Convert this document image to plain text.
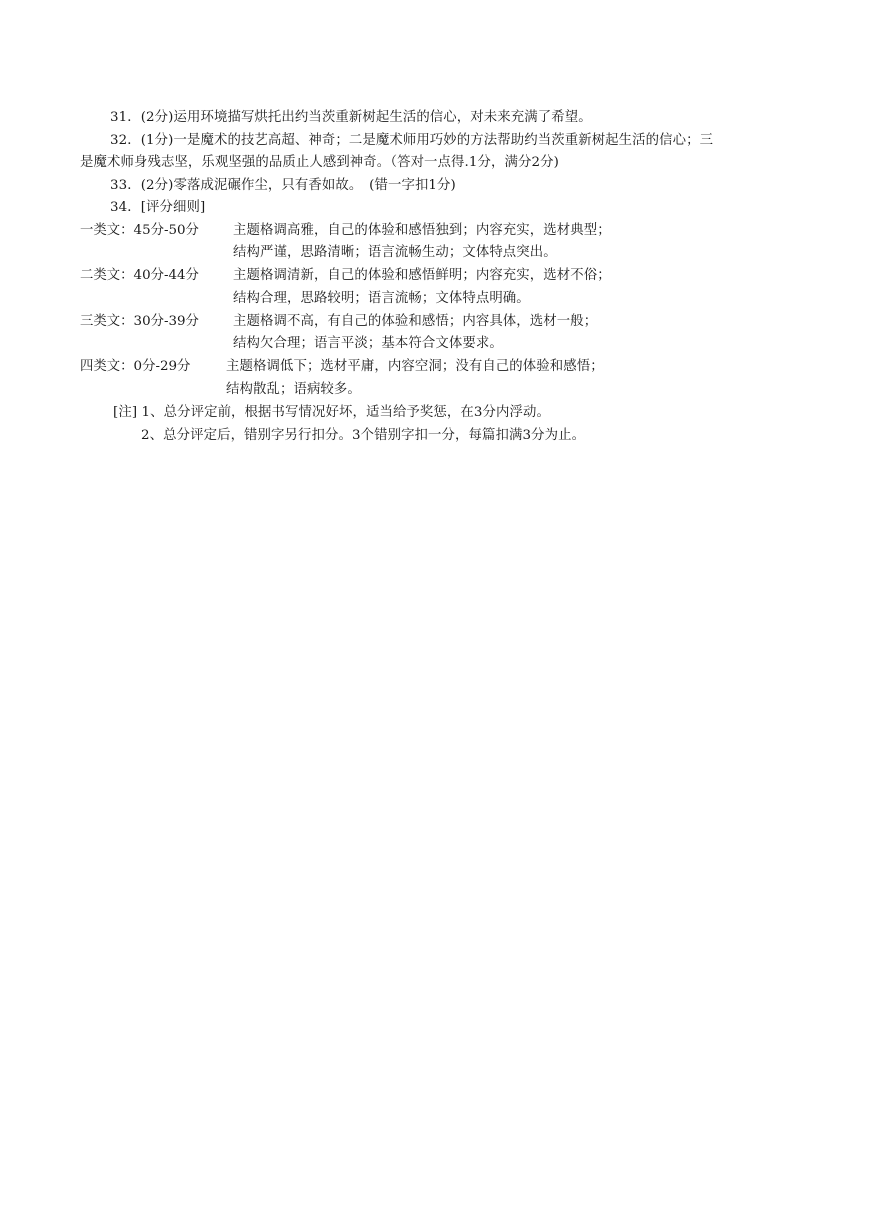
31．(2分)运用环境描写烘托出约当茨重新树起生活的信心，对未来充满了希望。
32．(1分)一是魔术的技艺高超、神奇；二是魔术师用巧妙的方法帮助约当茨重新树起生活的信心；三
是魔术师身残志坚，乐观坚强的品质止人感到神奇。（答对一点得.1分，满分2分)
33．(2分)零落成泥碾作尘，只有香如故。　(错一字扣1分)
34．[评分细则]
一类文：45分-50分	主题格调高雅，自己的体验和感悟独到；内容充实，选材典型；
结构严谨，思路清晰；语言流畅生动；文体特点突出。
二类文：40分-44分	主题格调清新，自己的体验和感悟鲜明；内容充实，选材不俗；
结构合理，思路较明；语言流畅；文体特点明确。
三类文：30分-39分	主题格调不高，有自己的体验和感悟；内容具体，选材一般；
结构欠合理；语言平淡；基本符合文体要求。
四类文：0分-29分	主题格调低下；选材平庸，内容空洞；没有自己的体验和感悟；
结构散乱；语病较多。
[注] 1、总分评定前，根据书写情况好坏，适当给予奖惩，在3分内浮动。
2、总分评定后，错别字另行扣分。3个错别字扣一分，每篇扣满3分为止。
